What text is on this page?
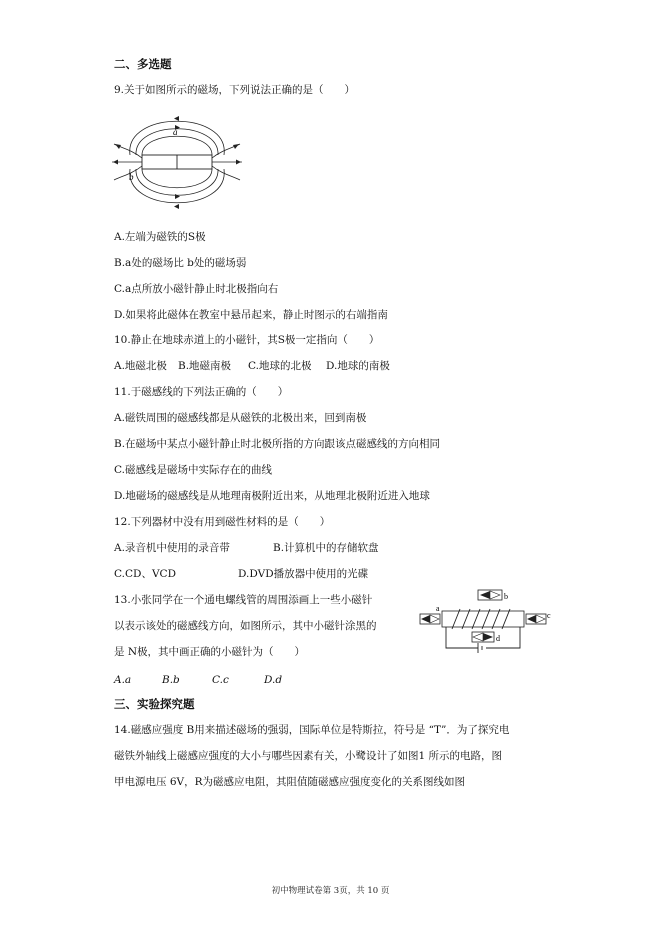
二、多选题
9.关于如图所示的磁场，下列说法正确的是（　　）
a
b
A.左端为磁铁的S极
B.a处的磁场比 b处的磁场弱
C.a点所放小磁针静止时北极指向右
D.如果将此磁体在教室中悬吊起来，静止时图示的右端指南
10.静止在地球赤道上的小磁针，其S极一定指向（　　）
A.地磁北极 B.地磁南极 C.地球的北极 D.地球的南极
11.于磁感线的下列法正确的（　　）
A.磁铁周围的磁感线都是从磁铁的北极出来，回到南极
B.在磁场中某点小磁针静止时北极所指的方向跟该点磁感线的方向相同
C.磁感线是磁场中实际存在的曲线
D.地磁场的磁感线是从地理南极附近出来，从地理北极附近进入地球
12.下列器材中没有用到磁性材料的是（　　）
A.录音机中使用的录音带	B.计算机中的存储软盘
C.CD、VCD	D.DVD播放器中使用的光碟
13.小张同学在一个通电螺线管的周围添画上一些小磁针
以表示该处的磁感线方向，如图所示，其中小磁针涂黑的
是 N极，其中画正确的小磁针为（　　）
b
a
c
d
A.a	B.b	C.c	D.d
三、实验探究题
14.磁感应强度 B用来描述磁场的强弱，国际单位是特斯拉，符号是 “T”．为了探究电
磁铁外轴线上磁感应强度的大小与哪些因素有关，小鹭设计了如图1 所示的电路，图
甲电源电压 6V，R为磁感应电阻，其阻值随磁感应强度变化的关系图线如图
初中物理试卷第 3页，共 10 页
